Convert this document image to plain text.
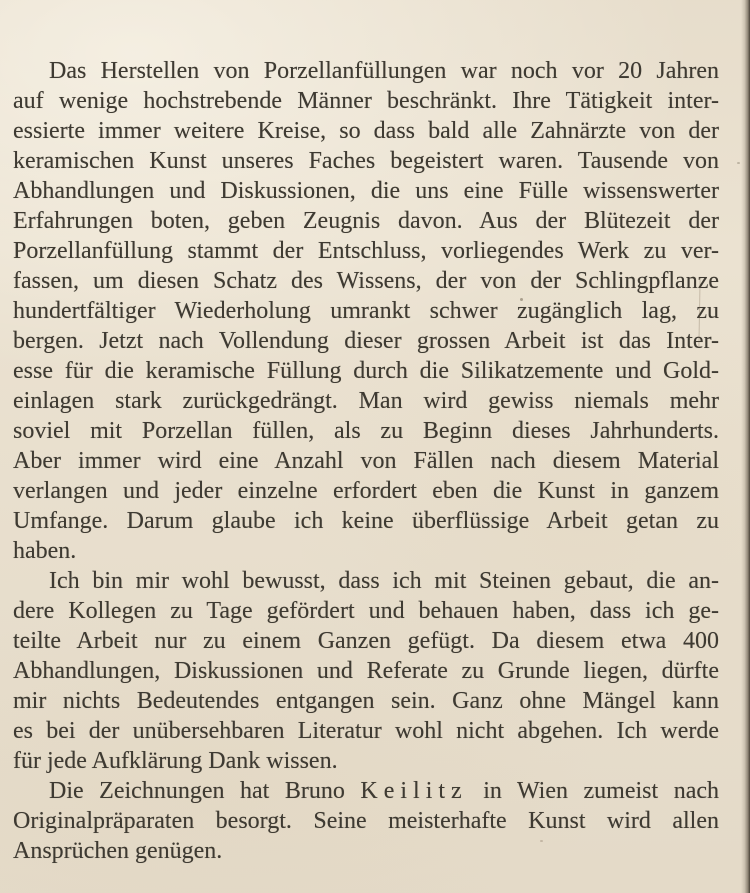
Das Herstellen von Porzellanfüllungen war noch vor 20 Jahren
auf wenige hochstrebende Männer beschränkt. Ihre Tätigkeit inter-
essierte immer weitere Kreise, so dass bald alle Zahnärzte von der
keramischen Kunst unseres Faches begeistert waren. Tausende von
Abhandlungen und Diskussionen, die uns eine Fülle wissenswerter
Erfahrungen boten, geben Zeugnis davon. Aus der Blütezeit der
Porzellanfüllung stammt der Entschluss, vorliegendes Werk zu ver-
fassen, um diesen Schatz des Wissens, der von der Schlingpflanze
hundertfältiger Wiederholung umrankt schwer zugänglich lag, zu
bergen. Jetzt nach Vollendung dieser grossen Arbeit ist das Inter-
esse für die keramische Füllung durch die Silikatzemente und Gold-
einlagen stark zurückgedrängt. Man wird gewiss niemals mehr
soviel mit Porzellan füllen, als zu Beginn dieses Jahrhunderts.
Aber immer wird eine Anzahl von Fällen nach diesem Material
verlangen und jeder einzelne erfordert eben die Kunst in ganzem
Umfange. Darum glaube ich keine überflüssige Arbeit getan zu
haben.
Ich bin mir wohl bewusst, dass ich mit Steinen gebaut, die an-
dere Kollegen zu Tage gefördert und behauen haben, dass ich ge-
teilte Arbeit nur zu einem Ganzen gefügt. Da diesem etwa 400
Abhandlungen, Diskussionen und Referate zu Grunde liegen, dürfte
mir nichts Bedeutendes entgangen sein. Ganz ohne Mängel kann
es bei der unübersehbaren Literatur wohl nicht abgehen. Ich werde
für jede Aufklärung Dank wissen.
Die Zeichnungen hat Bruno Keilitz in Wien zumeist nach
Originalpräparaten besorgt. Seine meisterhafte Kunst wird allen
Ansprüchen genügen.
